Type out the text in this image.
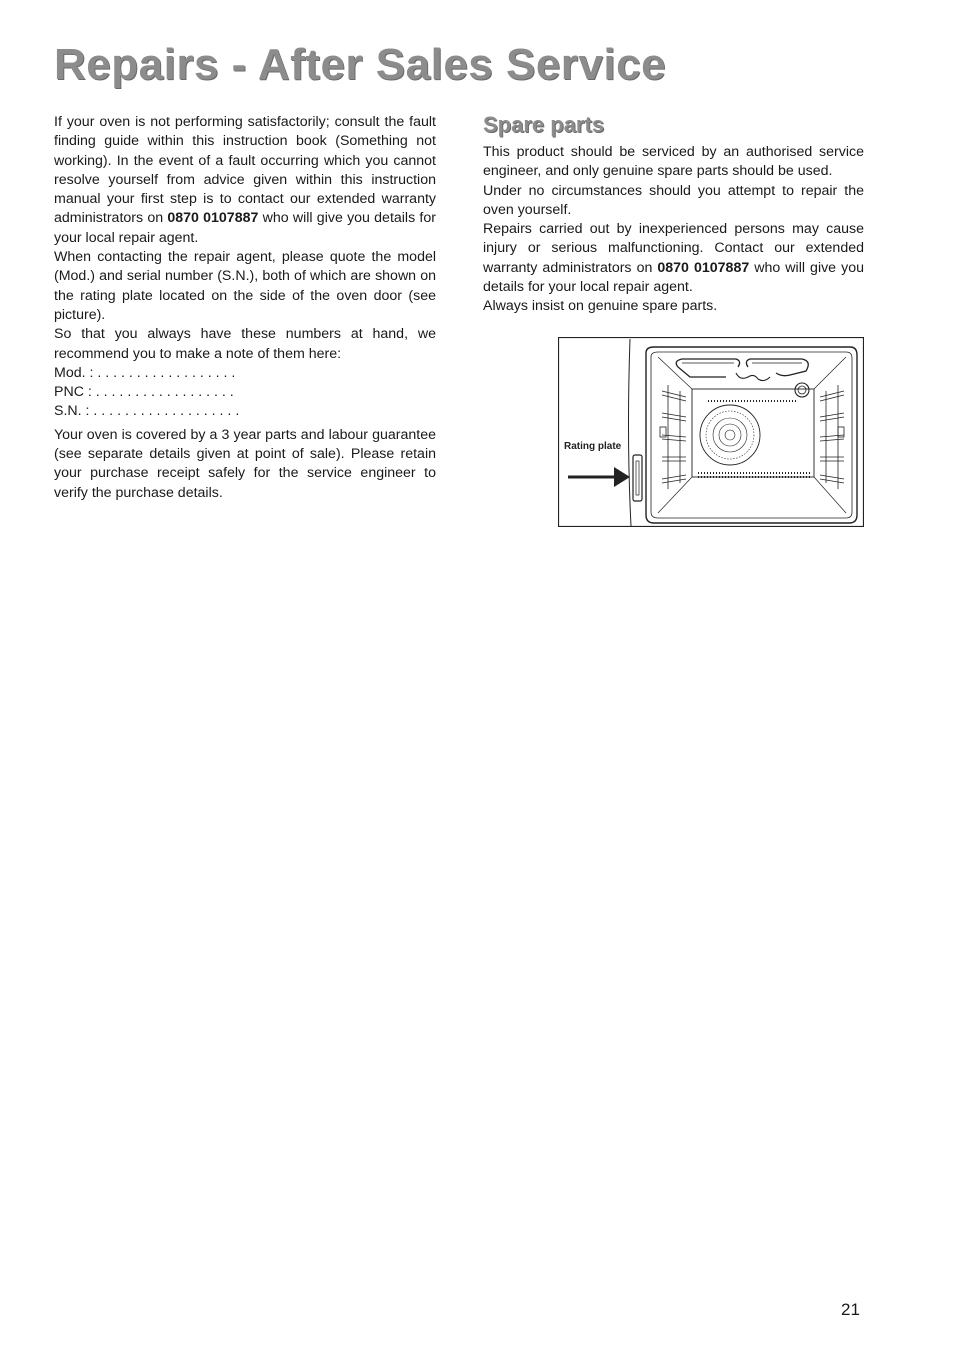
Repairs - After Sales Service

If your oven is not performing satisfactorily; consult the fault finding guide within this instruction book (Something not working). In the event of a fault occurring which you cannot resolve yourself from advice given within this instruction manual your first step is to contact our extended warranty administrators on 0870 0107887 who will give you details for your local repair agent.

When contacting the repair agent, please quote the model (Mod.) and serial number (S.N.), both of which are shown on the rating plate located on the side of the oven door (see picture).

So that you always have these numbers at hand, we recommend you to make a note of them here:

Mod. : . . . . . . . . . . . . . . . . . .
PNC : . . . . . . . . . . . . . . . . . .
S.N. : . . . . . . . . . . . . . . . . . . .

Your oven is covered by a 3 year parts and labour guarantee (see separate details given at point of sale). Please retain your purchase receipt safely for the service engineer to verify the purchase details.

Spare parts

This product should be serviced by an authorised service engineer, and only genuine spare parts should be used.

Under no circumstances should you attempt to repair the oven yourself.

Repairs carried out by inexperienced persons may cause injury or serious malfunctioning. Contact our extended warranty administrators on 0870 0107887 who will give you details for your local repair agent.

Always insist on genuine spare parts.

Rating plate
21
